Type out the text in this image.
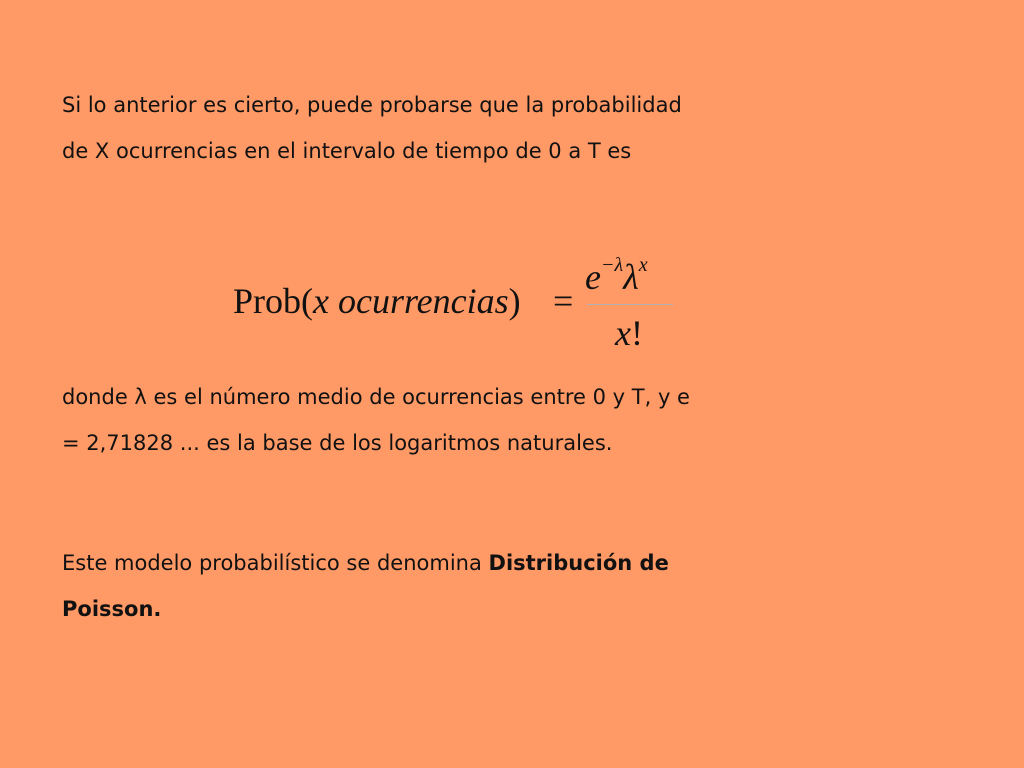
Si lo anterior es cierto, puede probarse que la probabilidad
de X ocurrencias en el intervalo de tiempo de 0 a T es

Prob(x ocurrencias) =
$e^{-\lambda}\lambda^x$
x!

donde λ es el número medio de ocurrencias entre 0 y T, y e
= 2,71828 ... es la base de los logaritmos naturales.

Este modelo probabilístico se denomina Distribución de
Poisson.
